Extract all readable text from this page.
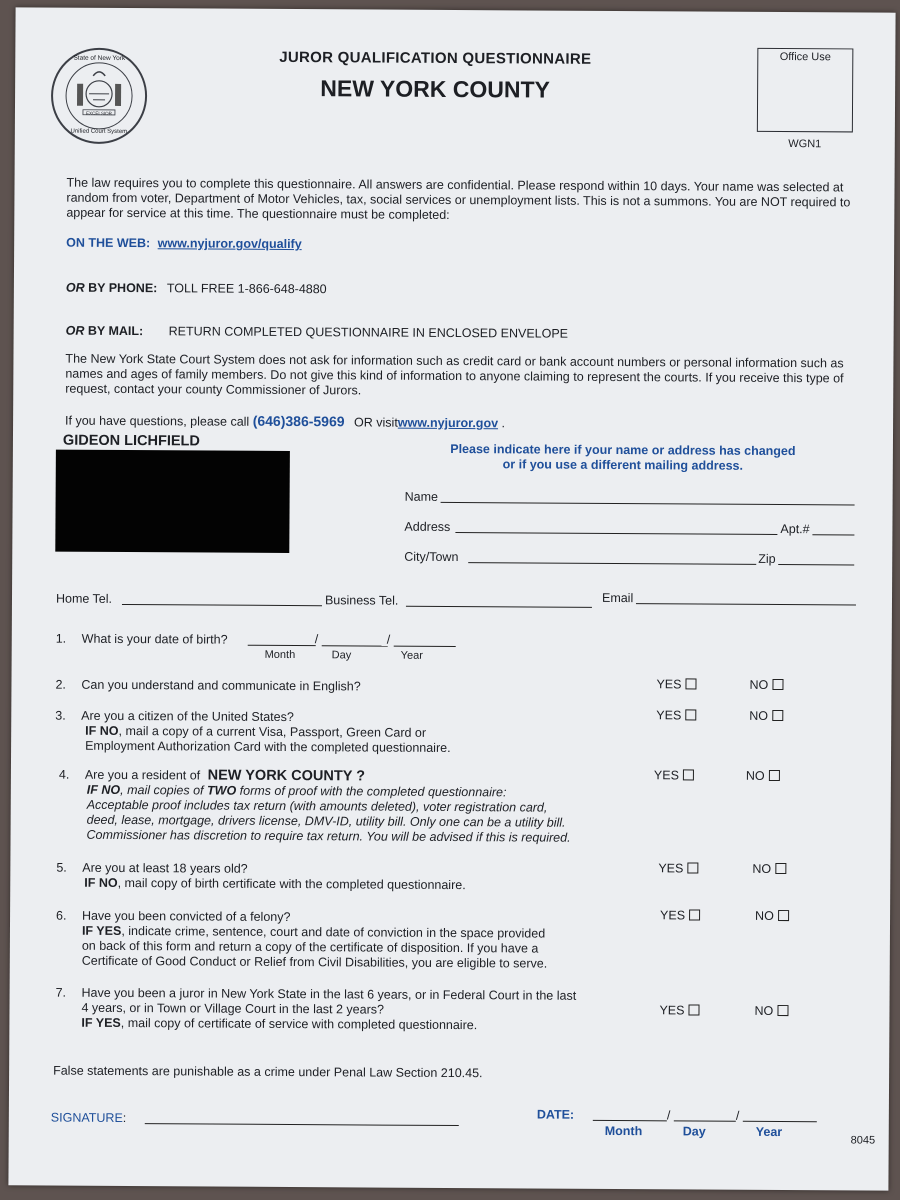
State of New York
EXCELSIOR
Unified Court System
JUROR QUALIFICATION QUESTIONNAIRE
NEW YORK COUNTY
Office Use
WGN1
The law requires you to complete this questionnaire. All answers are confidential. Please respond within 10 days. Your name was selected at random from voter, Department of Motor Vehicles, tax, social services or unemployment lists. This is not a summons. You are NOT required to appear for service at this time. The questionnaire must be completed:
ON THE WEB: www.nyjuror.gov/qualify
OR BY PHONE: TOLL FREE 1-866-648-4880
OR BY MAIL: RETURN COMPLETED QUESTIONNAIRE IN ENCLOSED ENVELOPE
The New York State Court System does not ask for information such as credit card or bank account numbers or personal information such as names and ages of family members. Do not give this kind of information to anyone claiming to represent the courts. If you receive this type of request, contact your county Commissioner of Jurors.
If you have questions, please call (646)386-5969 OR visitwww.nyjuror.gov .
GIDEON LICHFIELD
Please indicate here if your name or address has changed
or if you use a different mailing address.
Name
Address	Apt.#
City/Town	Zip
Home Tel.	Business Tel.	Email
1. What is your date of birth?	/	/
Month	Day	Year
2. Can you understand and communicate in English?	YES	NO
3. Are you a citizen of the United States?
IF NO, mail a copy of a current Visa, Passport, Green Card or
Employment Authorization Card with the completed questionnaire.
YES	NO
4. Are you a resident of NEW YORK COUNTY ?
IF NO, mail copies of TWO forms of proof with the completed questionnaire:
Acceptable proof includes tax return (with amounts deleted), voter registration card,
deed, lease, mortgage, drivers license, DMV-ID, utility bill. Only one can be a utility bill.
Commissioner has discretion to require tax return. You will be advised if this is required.
YES	NO
5. Are you at least 18 years old?
IF NO, mail copy of birth certificate with the completed questionnaire.
YES	NO
6. Have you been convicted of a felony?
IF YES, indicate crime, sentence, court and date of conviction in the space provided
on back of this form and return a copy of the certificate of disposition. If you have a
Certificate of Good Conduct or Relief from Civil Disabilities, you are eligible to serve.
YES	NO
7. Have you been a juror in New York State in the last 6 years, or in Federal Court in the last
4 years, or in Town or Village Court in the last 2 years?
IF YES, mail copy of certificate of service with completed questionnaire.
YES	NO
False statements are punishable as a crime under Penal Law Section 210.45.
SIGNATURE:	DATE:	/	/
Month	Day	Year
8045
